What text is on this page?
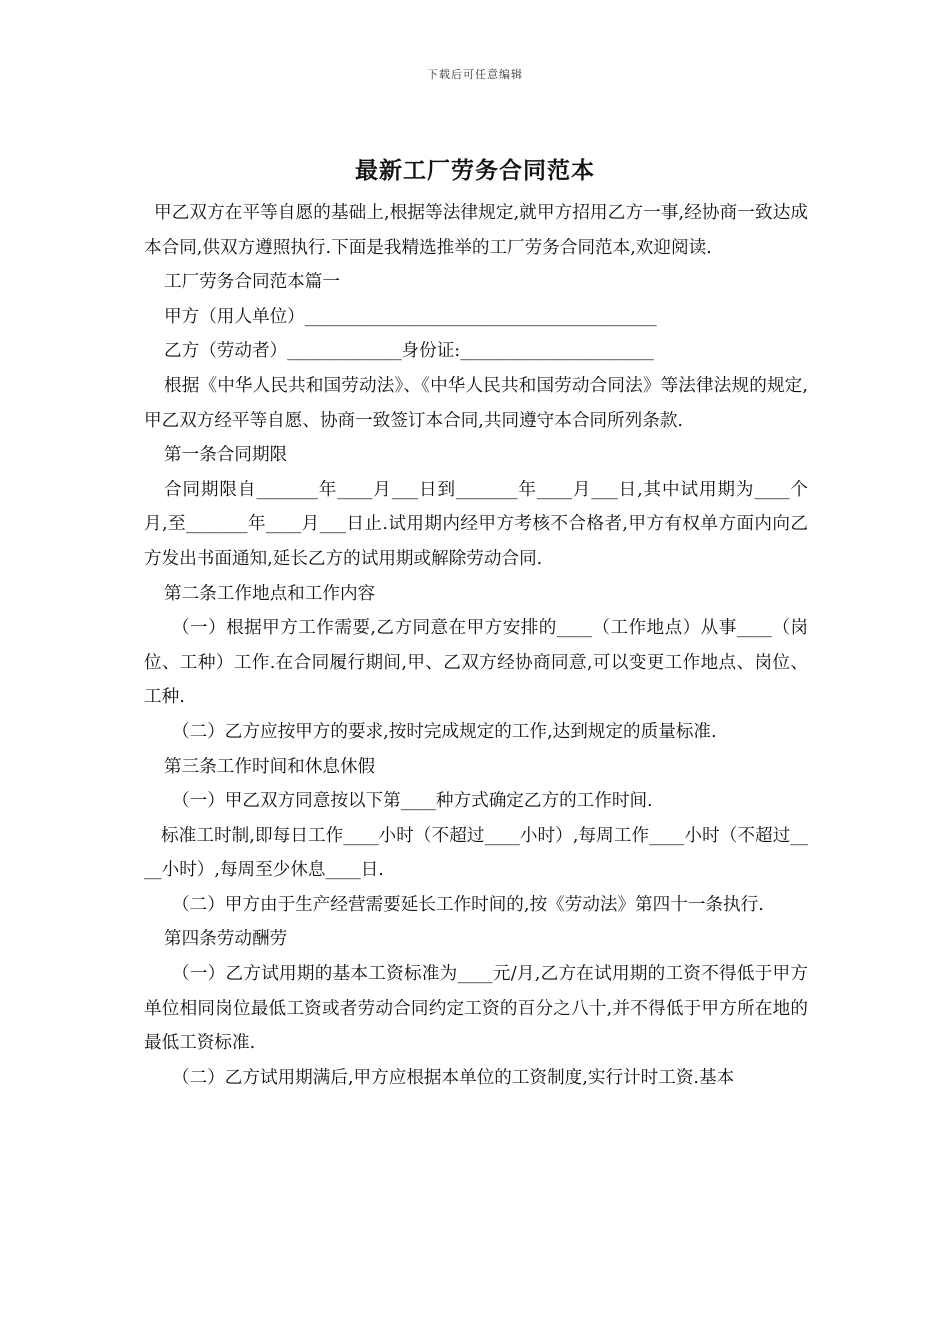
下载后可任意编辑
最新工厂劳务合同范本

甲乙双方在平等自愿的基础上,根据等法律规定,就甲方招用乙方一事,经协商一致达成本合同,供双方遵照执行.下面是我精选推举的工厂劳务合同范本,欢迎阅读.

工厂劳务合同范本篇一

甲方（用人单位）________________________________________

乙方（劳动者）_____________身份证:______________________

根据《中华人民共和国劳动法》、《中华人民共和国劳动合同法》等法律法规的规定,甲乙双方经平等自愿、协商一致签订本合同,共同遵守本合同所列条款.

第一条合同期限

合同期限自_______年____月___日到_______年____月___日,其中试用期为____个月,至_______年____月___日止.试用期内经甲方考核不合格者,甲方有权单方面内向乙方发出书面通知,延长乙方的试用期或解除劳动合同.

第二条工作地点和工作内容

（一）根据甲方工作需要,乙方同意在甲方安排的____（工作地点）从事____（岗位、工种）工作.在合同履行期间,甲、乙双方经协商同意,可以变更工作地点、岗位、工种.

（二）乙方应按甲方的要求,按时完成规定的工作,达到规定的质量标准.

第三条工作时间和休息休假

（一）甲乙双方同意按以下第____种方式确定乙方的工作时间.

标准工时制,即每日工作____小时（不超过____小时）,每周工作____小时（不超过____小时）,每周至少休息____日.

（二）甲方由于生产经营需要延长工作时间的,按《劳动法》第四十一条执行.

第四条劳动酬劳

（一）乙方试用期的基本工资标准为____元/月,乙方在试用期的工资不得低于甲方单位相同岗位最低工资或者劳动合同约定工资的百分之八十,并不得低于甲方所在地的最低工资标准.

（二）乙方试用期满后,甲方应根据本单位的工资制度,实行计时工资.基本
